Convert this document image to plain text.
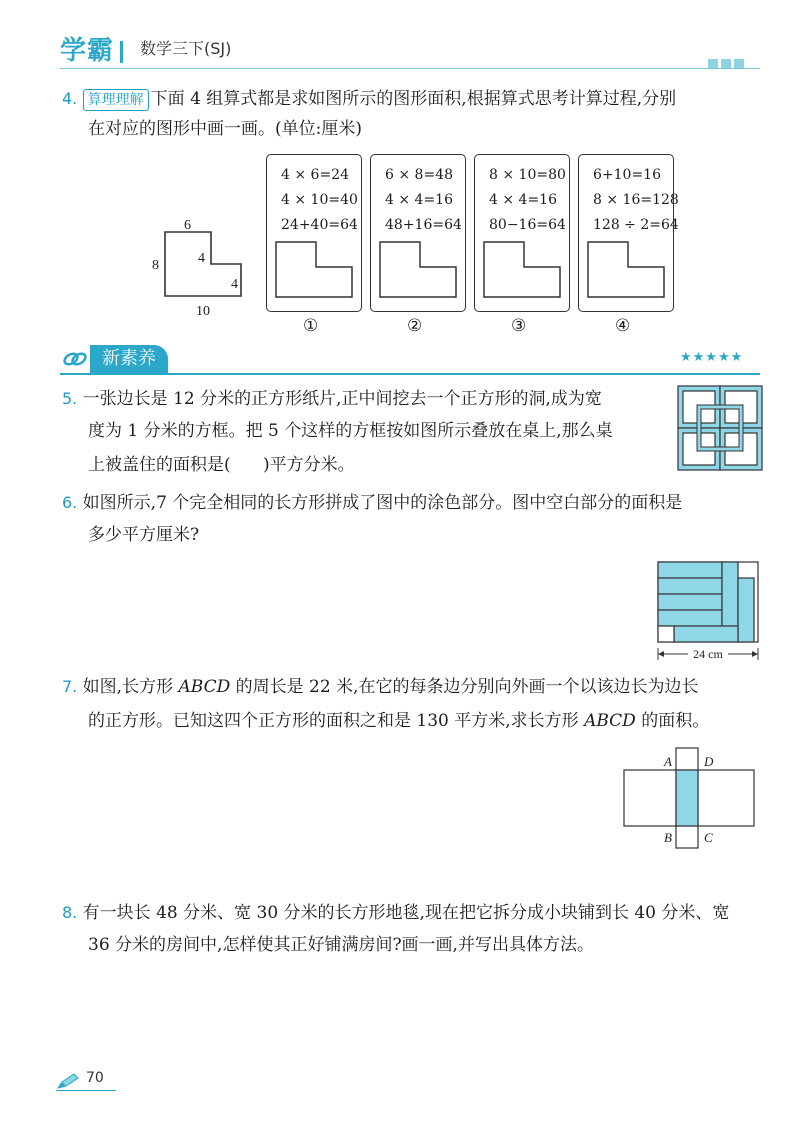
学霸	数学三下(SJ)
4. 算理理解 下面 4 组算式都是求如图所示的图形面积,根据算式思考计算过程,分别
在对应的图形中画一画。(单位:厘米)
6
8	4
4
10
4 × 6=24
4 × 10=40
24+40=64
6 × 8=48
4 × 4=16
48+16=64
8 × 10=80
4 × 4=16
80−16=64
6+10=16
8 × 16=128
128 ÷ 2=64
①	②	③	④
新素养	★★★★★
5. 一张边长是 12 分米的正方形纸片,正中间挖去一个正方形的洞,成为宽
度为 1 分米的方框。把 5 个这样的方框按如图所示叠放在桌上,那么桌
上被盖住的面积是(      )平方分米。
6. 如图所示,7 个完全相同的长方形拼成了图中的涂色部分。图中空白部分的面积是
多少平方厘米?
24 cm
7. 如图,长方形 ABCD 的周长是 22 米,在它的每条边分别向外画一个以该边长为边长
的正方形。已知这四个正方形的面积之和是 130 平方米,求长方形 ABCD 的面积。
A D
B C
8. 有一块长 48 分米、宽 30 分米的长方形地毯,现在把它拆分成小块铺到长 40 分米、宽
36 分米的房间中,怎样使其正好铺满房间?画一画,并写出具体方法。
70
